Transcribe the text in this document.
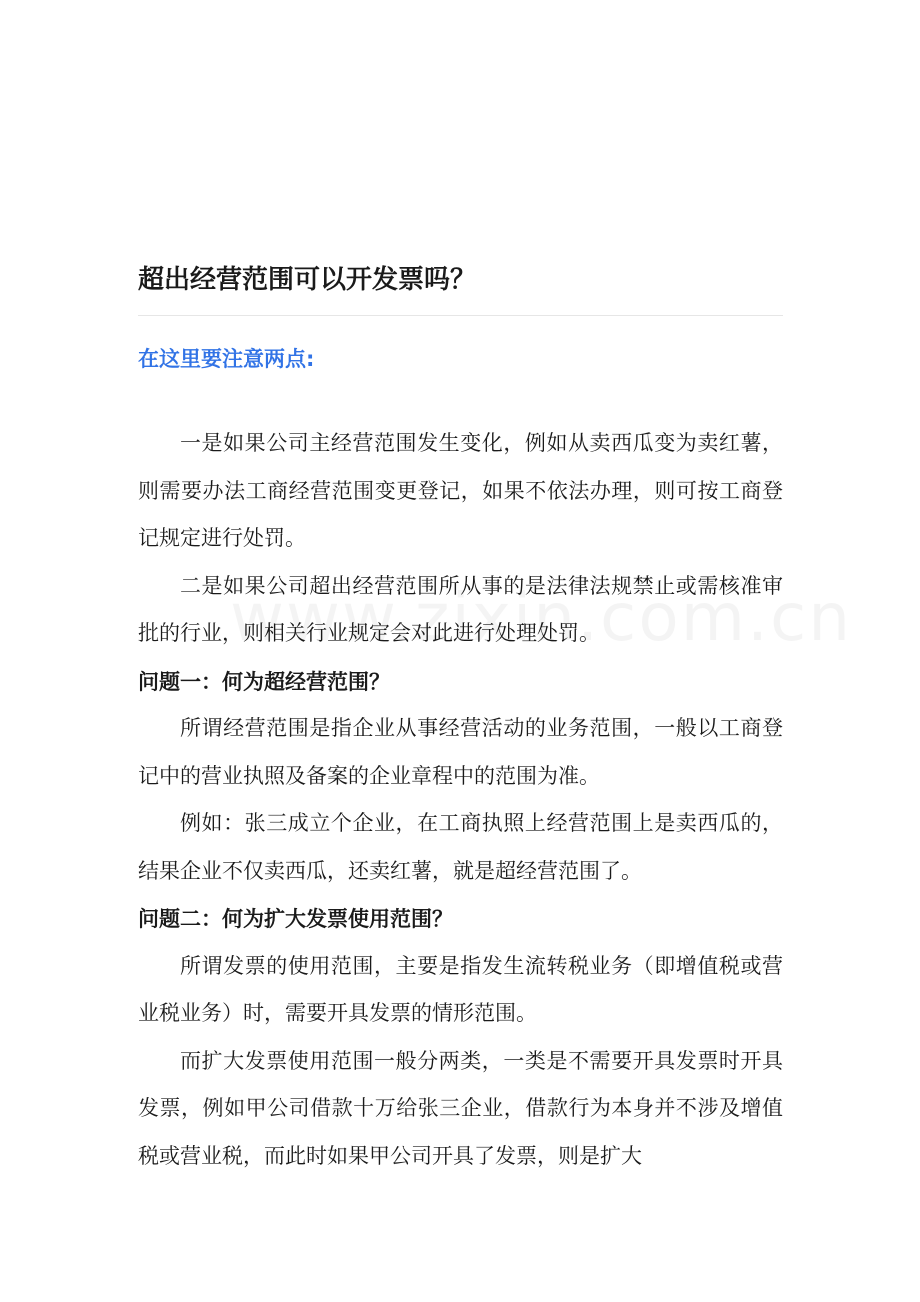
超出经营范围可以开发票吗？
在这里要注意两点:

一是如果公司主经营范围发生变化，例如从卖西瓜变为卖红薯，则需要办法工商经营范围变更登记，如果不依法办理，则可按工商登记规定进行处罚。

二是如果公司超出经营范围所从事的是法律法规禁止或需核准审批的行业，则相关行业规定会对此进行处理处罚。

问题一：何为超经营范围？

所谓经营范围是指企业从事经营活动的业务范围，一般以工商登记中的营业执照及备案的企业章程中的范围为准。

例如：张三成立个企业，在工商执照上经营范围上是卖西瓜的，结果企业不仅卖西瓜，还卖红薯，就是超经营范围了。

问题二：何为扩大发票使用范围？

所谓发票的使用范围，主要是指发生流转税业务（即增值税或营业税业务）时，需要开具发票的情形范围。

而扩大发票使用范围一般分两类，一类是不需要开具发票时开具发票，例如甲公司借款十万给张三企业，借款行为本身并不涉及增值税或营业税，而此时如果甲公司开具了发票，则是扩大
